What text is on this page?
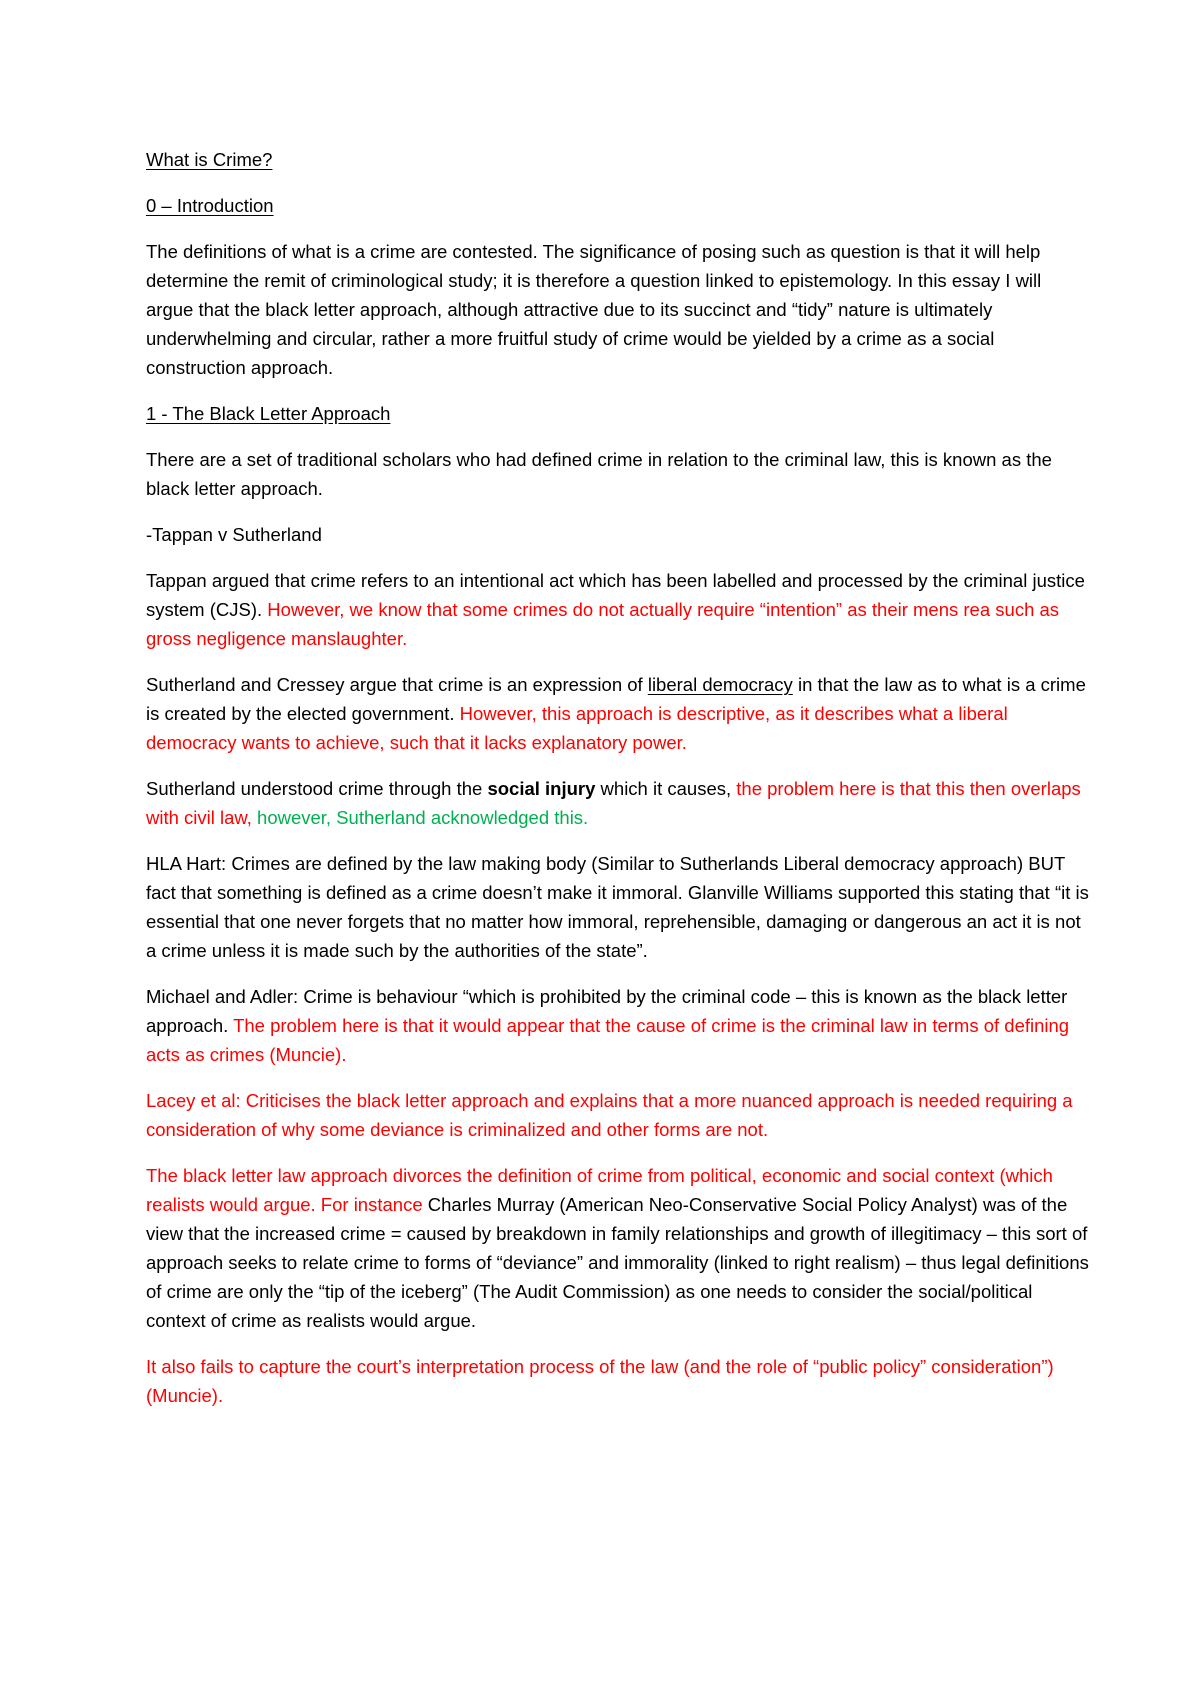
What is Crime?

0 – Introduction

The definitions of what is a crime are contested. The significance of posing such as question is that it will help determine the remit of criminological study; it is therefore a question linked to epistemology. In this essay I will argue that the black letter approach, although attractive due to its succinct and “tidy” nature is ultimately underwhelming and circular, rather a more fruitful study of crime would be yielded by a crime as a social construction approach.

1 - The Black Letter Approach

There are a set of traditional scholars who had defined crime in relation to the criminal law, this is known as the black letter approach.

-Tappan v Sutherland

Tappan argued that crime refers to an intentional act which has been labelled and processed by the criminal justice system (CJS). However, we know that some crimes do not actually require “intention” as their mens rea such as gross negligence manslaughter.

Sutherland and Cressey argue that crime is an expression of liberal democracy in that the law as to what is a crime is created by the elected government. However, this approach is descriptive, as it describes what a liberal democracy wants to achieve, such that it lacks explanatory power.

Sutherland understood crime through the social injury which it causes, the problem here is that this then overlaps with civil law, however, Sutherland acknowledged this.

HLA Hart: Crimes are defined by the law making body (Similar to Sutherlands Liberal democracy approach) BUT fact that something is defined as a crime doesn’t make it immoral. Glanville Williams supported this stating that “it is essential that one never forgets that no matter how immoral, reprehensible, damaging or dangerous an act it is not a crime unless it is made such by the authorities of the state”.

Michael and Adler: Crime is behaviour “which is prohibited by the criminal code – this is known as the black letter approach. The problem here is that it would appear that the cause of crime is the criminal law in terms of defining acts as crimes (Muncie).

Lacey et al: Criticises the black letter approach and explains that a more nuanced approach is needed requiring a consideration of why some deviance is criminalized and other forms are not.

The black letter law approach divorces the definition of crime from political, economic and social context (which realists would argue. For instance Charles Murray (American Neo-Conservative Social Policy Analyst) was of the view that the increased crime = caused by breakdown in family relationships and growth of illegitimacy – this sort of approach seeks to relate crime to forms of “deviance” and immorality (linked to right realism) – thus legal definitions of crime are only the “tip of the iceberg” (The Audit Commission) as one needs to consider the social/political context of crime as realists would argue.

It also fails to capture the court’s interpretation process of the law (and the role of “public policy” consideration”) (Muncie).
